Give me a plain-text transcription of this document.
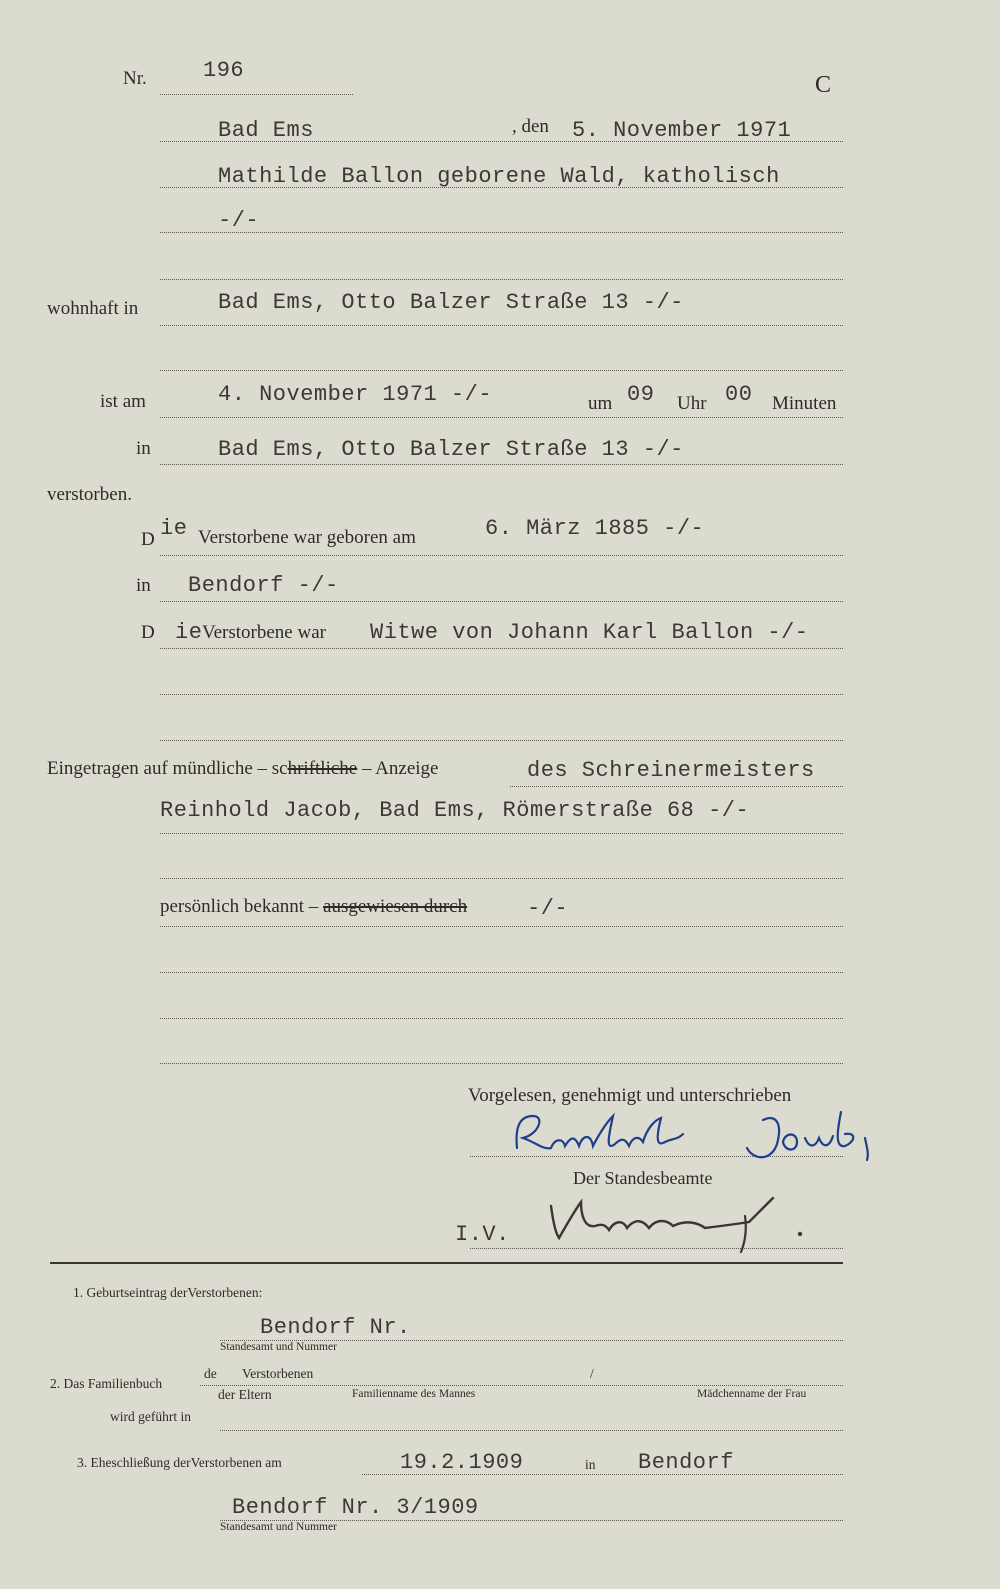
Nr.	196
C
Bad Ems	, den 5. November 1971
Mathilde Ballon geborene Wald, katholisch
-/-
wohnhaft in	Bad Ems, Otto Balzer Straße 13 -/-
ist am	4. November 1971 -/-	um 09 Uhr 00 Minuten
in	Bad Ems, Otto Balzer Straße 13 -/-
verstorben.
D ie Verstorbene war geboren am	6. März 1885 -/-
in Bendorf -/-
D ie Verstorbene war Witwe von Johann Karl Ballon -/-
Eingetragen auf mündliche – schriftliche – Anzeige	des Schreinermeisters
Reinhold Jacob, Bad Ems, Römerstraße 68 -/-
persönlich bekannt – ausgewiesen durch	-/-
Vorgelesen, genehmigt und unterschrieben
Der Standesbeamte
I.V.
1. Geburtseintrag derVerstorbenen:
Bendorf Nr.
Standesamt und Nummer
2. Das Familienbuch
de Verstorbenen	/
der Eltern	Familienname des Mannes	Mädchenname der Frau
wird geführt in
3. Eheschließung derVerstorbenen am	19.2.1909	in Bendorf
Bendorf Nr. 3/1909
Standesamt und Nummer
